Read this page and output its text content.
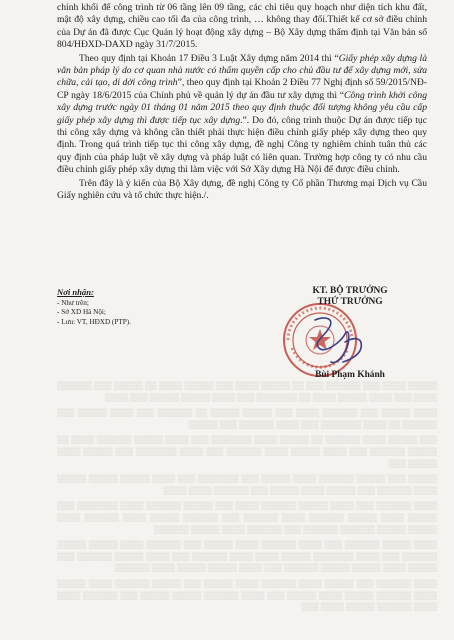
▒▒▒▒▒ ▒▒▒▒ ▒▒▒ ▒▒▒▒▒▒ ▒▒▒ ▒▒ ▒▒▒▒▒ ▒▒▒▒ ▒▒▒ ▒▒▒▒▒ ▒▒▒▒ ▒▒ ▒▒▒▒▒ ▒▒▒ ▒▒▒▒▒▒ ▒▒▒▒ ▒▒▒ ▒▒▒▒ ▒▒▒▒▒ ▒▒▒▒ ▒▒ ▒▒▒▒▒▒▒ ▒▒▒ ▒▒▒▒ ▒▒▒▒▒ ▒▒▒▒▒ ▒▒▒ ▒▒▒▒

▒▒▒▒ ▒▒▒▒▒ ▒▒▒ ▒▒▒▒▒▒ ▒▒▒▒ ▒▒▒ ▒▒▒▒▒ ▒▒▒▒▒ ▒▒ ▒▒▒▒▒▒ ▒▒▒ ▒▒▒▒ ▒▒▒▒▒ ▒▒▒ ▒▒▒▒▒▒ ▒▒ ▒▒▒▒ ▒▒▒▒▒▒▒ ▒▒▒ ▒▒▒▒ ▒▒▒▒▒▒ ▒▒▒ ▒▒▒▒▒

▒▒▒ ▒▒▒▒▒ ▒▒▒▒ ▒▒▒▒▒▒ ▒▒ ▒▒▒▒▒ ▒▒▒▒ ▒▒▒▒▒▒▒ ▒▒▒ ▒▒▒▒ ▒▒▒▒▒ ▒▒▒▒▒▒ ▒▒▒▒ ▒▒ ▒▒▒▒▒ ▒▒▒▒▒▒ ▒▒▒ ▒▒▒▒ ▒▒▒▒▒ ▒▒▒▒ ▒▒▒▒▒▒ ▒▒▒ ▒▒▒▒ ▒▒▒▒▒▒▒ ▒▒▒ ▒▒▒▒▒ ▒▒▒▒ ▒▒▒▒▒ ▒▒▒

▒▒▒▒▒ ▒▒▒ ▒▒▒▒▒ ▒▒▒▒▒▒ ▒▒▒▒ ▒▒▒▒▒ ▒▒▒ ▒▒▒▒▒▒▒ ▒▒▒ ▒▒▒▒ ▒▒▒▒▒ ▒▒▒▒▒ ▒▒▒▒▒ ▒▒▒▒ ▒▒▒▒▒▒ ▒▒▒ ▒▒▒▒▒ ▒▒▒▒ ▒▒▒▒▒ ▒▒▒ ▒▒▒▒▒▒ ▒▒▒▒ ▒▒▒▒

▒▒▒▒ ▒▒▒▒▒▒ ▒▒▒ ▒▒▒▒ ▒▒▒▒▒ ▒▒▒▒▒▒ ▒▒▒▒ ▒▒▒ ▒▒▒▒▒ ▒▒▒▒▒▒ ▒▒▒▒ ▒▒▒▒▒▒▒ ▒▒▒ ▒▒▒▒▒ ▒▒▒▒ ▒▒▒▒▒ ▒▒▒▒▒▒ ▒▒▒▒ ▒▒▒▒▒▒ ▒▒▒ ▒▒▒▒▒▒ ▒▒▒▒▒ ▒▒▒▒ ▒▒▒▒▒▒ ▒▒▒▒ ▒▒▒▒▒ ▒▒▒▒▒ ▒▒▒▒▒▒ ▒▒▒▒▒▒ ▒▒▒ ▒▒▒▒▒▒ ▒▒▒▒ ▒▒▒▒▒ ▒▒▒▒▒▒

▒▒▒▒ ▒▒▒▒▒ ▒▒▒▒▒▒ ▒▒▒ ▒▒▒▒ ▒▒▒▒▒▒ ▒▒▒▒ ▒▒▒▒▒ ▒▒▒ ▒▒▒▒▒▒ ▒▒▒▒ ▒▒▒▒▒ ▒▒▒▒▒ ▒▒▒▒▒▒ ▒▒▒ ▒▒▒▒ ▒▒▒▒▒▒▒ ▒▒▒▒▒ ▒▒▒▒ ▒▒▒▒ ▒▒▒▒▒▒ ▒▒▒ ▒▒▒▒ ▒▒▒▒▒ ▒▒▒▒▒▒ ▒▒▒ ▒▒▒▒▒ ▒▒▒▒ ▒▒▒▒▒ ▒▒▒▒▒ ▒▒▒▒▒▒ ▒▒▒ ▒▒▒▒ ▒▒▒▒▒ ▒▒▒▒▒ ▒▒▒▒ ▒▒▒▒▒▒

▒▒▒▒ ▒▒▒▒▒▒ ▒▒▒ ▒▒▒▒▒ ▒▒▒▒ ▒▒▒▒▒▒ ▒▒▒▒ ▒▒▒▒▒ ▒▒▒ ▒▒▒▒▒ ▒▒▒▒▒▒ ▒▒▒▒ ▒▒▒▒▒ ▒▒▒▒ ▒▒▒▒▒▒ ▒▒▒▒▒ ▒▒▒▒ ▒▒▒▒▒ ▒▒▒ ▒▒▒▒ ▒▒▒▒▒▒ ▒▒▒▒▒ ▒▒▒▒▒ ▒▒▒ ▒▒▒▒▒▒ ▒▒▒▒ ▒▒▒▒ ▒▒▒▒▒▒ ▒▒▒▒▒ ▒▒▒▒ ▒▒▒

chính khối đế công trình từ 06 tầng lên 09 tầng, các chỉ tiêu quy hoạch như diện tích khu đất, mật độ xây dựng, chiều cao tối đa của công trình, … không thay đổi.Thiết kế cơ sở điều chỉnh của Dự án đã được Cục Quản lý hoạt động xây dựng – Bộ Xây dựng thẩm định tại Văn bản số 804/HĐXD-DAXD ngày 31/7/2015.

Theo quy định tại Khoản 17 Điều 3 Luật Xây dựng năm 2014 thì “Giấy phép xây dựng là văn bản pháp lý do cơ quan nhà nước có thẩm quyền cấp cho chủ đầu tư để xây dựng mới, sửa chữa, cải tạo, di dời công trình”, theo quy định tại Khoản 2 Điều 77 Nghị định số 59/2015/NĐ-CP ngày 18/6/2015 của Chính phủ về quản lý dự án đầu tư xây dựng thì “Công trình khởi công xây dựng trước ngày 01 tháng 01 năm 2015 theo quy định thuộc đối tượng không yêu cầu cấp giấy phép xây dựng thì được tiếp tục xây dựng.”. Do đó, công trình thuộc Dự án được tiếp tục thi công xây dựng và không cần thiết phải thực hiện điều chỉnh giấy phép xây dựng theo quy định. Trong quá trình tiếp tục thi công xây dựng, đề nghị Công ty nghiêm chỉnh tuân thủ các quy định của pháp luật về xây dựng và pháp luật có liên quan. Trường hợp công ty có nhu cầu điều chỉnh giấy phép xây dựng thì làm việc với Sở Xây dựng Hà Nội để được điều chỉnh.

Trên đây là ý kiến của Bộ Xây dựng, đề nghị Công ty Cổ phần Thương mại Dịch vụ Cầu Giấy nghiên cứu và tổ chức thực hiện./.

Nơi nhận:
- Như trên;
- Sở XD Hà Nội;
- Lưu: VT, HĐXD (PTP).
KT. BỘ TRƯỞNG
THỨ TRƯỞNG
Bùi Phạm Khánh
